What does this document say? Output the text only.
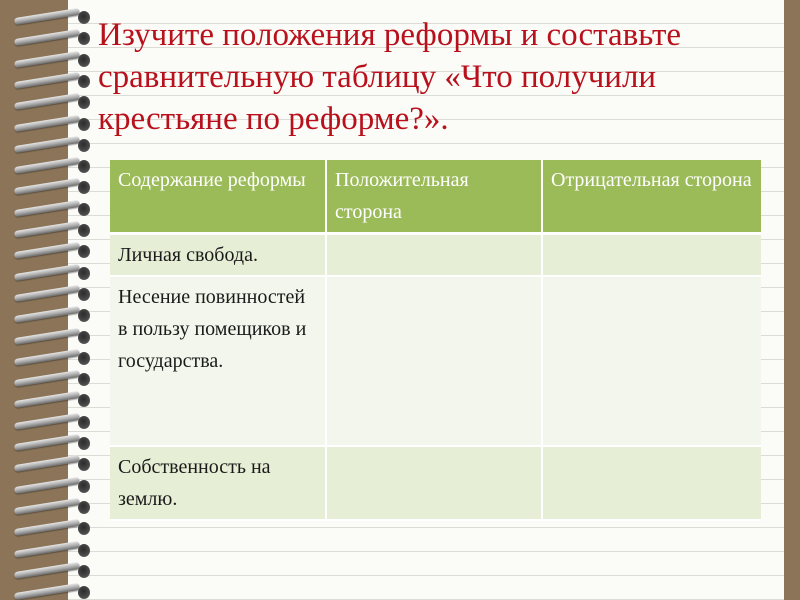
Изучите положения реформы и составьте сравнительную таблицу «Что получили крестьяне по реформе?».
Содержание реформы	Положительная сторона	Отрицательная сторона
Личная свобода.		
Несение повинностей в пользу помещиков и государства.		
Собственность на землю.		
